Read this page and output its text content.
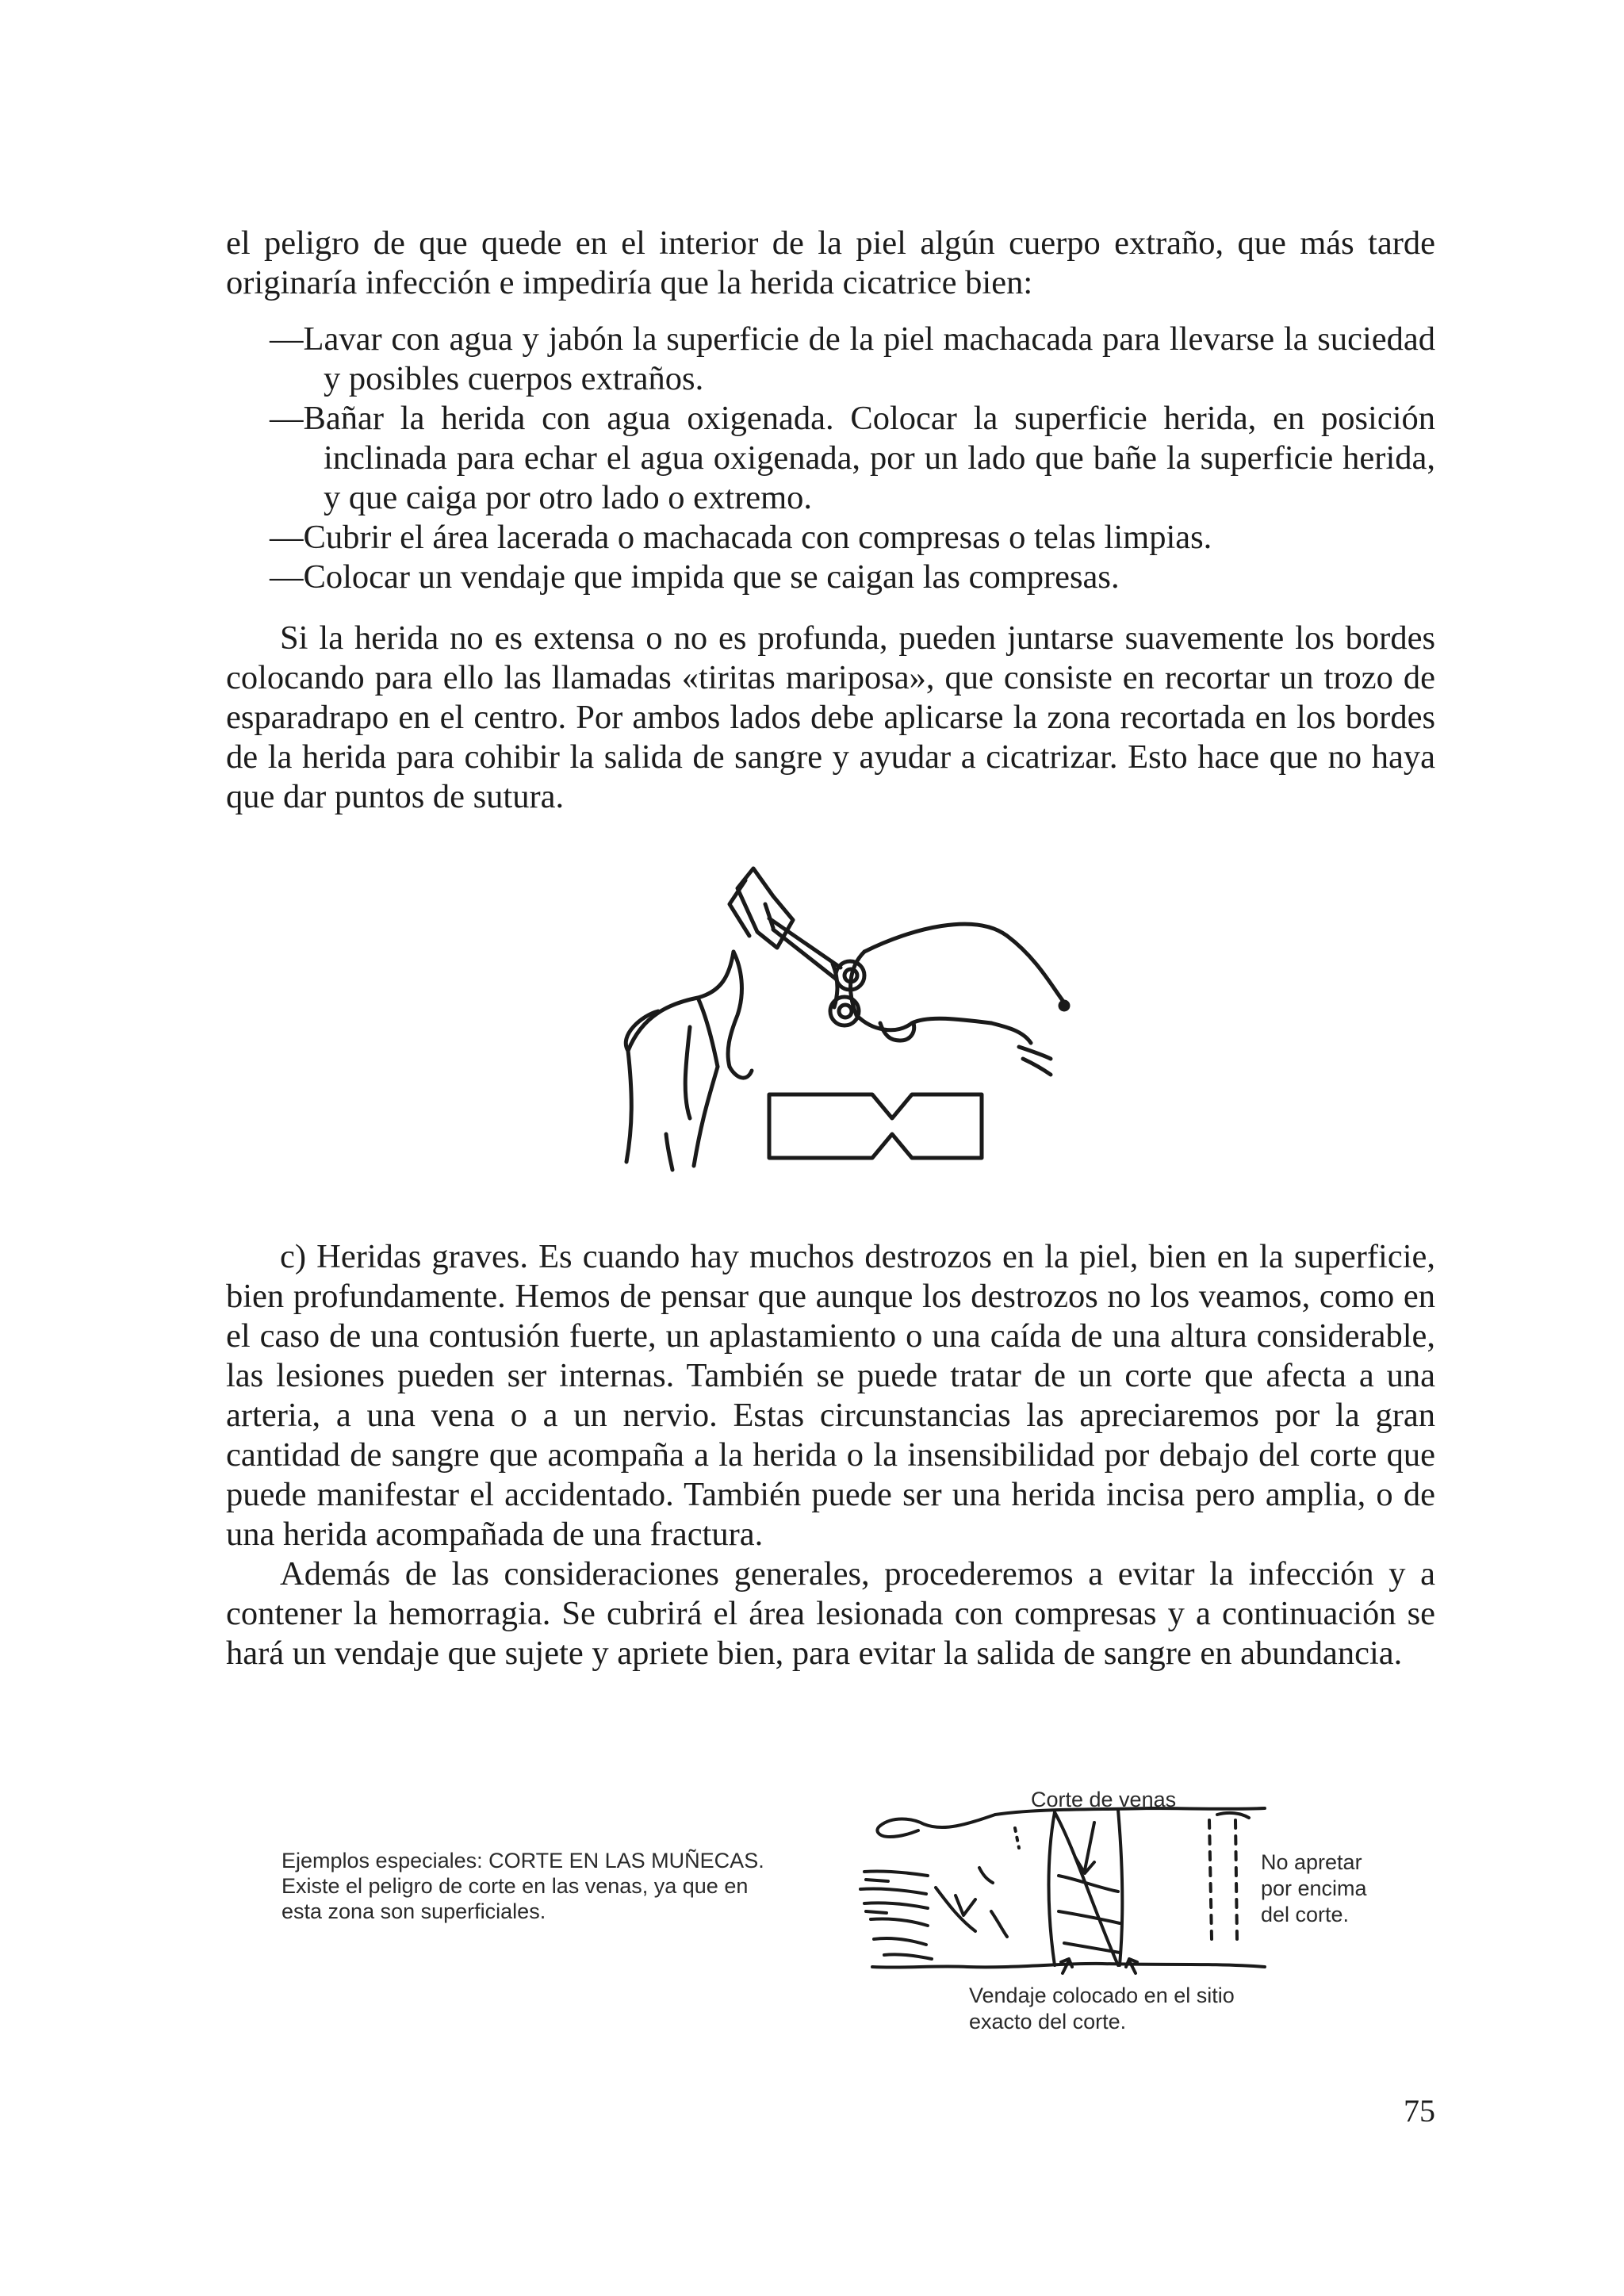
el peligro de que quede en el interior de la piel algún cuerpo extraño, que más tarde originaría infección e impediría que la herida cicatrice bien:

—Lavar con agua y jabón la superficie de la piel machacada para llevarse la suciedad y posibles cuerpos extraños.
—Bañar la herida con agua oxigenada. Colocar la superficie herida, en posición inclinada para echar el agua oxigenada, por un lado que bañe la superficie herida, y que caiga por otro lado o extremo.
—Cubrir el área lacerada o machacada con compresas o telas limpias.
—Colocar un vendaje que impida que se caigan las compresas.

Si la herida no es extensa o no es profunda, pueden juntarse suavemente los bordes colocando para ello las llamadas «tiritas mariposa», que consiste en recortar un trozo de esparadrapo en el centro. Por ambos lados debe aplicarse la zona recortada en los bordes de la herida para cohibir la salida de sangre y ayudar a cicatrizar. Esto hace que no haya que dar puntos de sutura.

c) Heridas graves. Es cuando hay muchos destrozos en la piel, bien en la superficie, bien profundamente. Hemos de pensar que aunque los destrozos no los veamos, como en el caso de una contusión fuerte, un aplastamiento o una caída de una altura considerable, las lesiones pueden ser internas. También se puede tratar de un corte que afecta a una arteria, a una vena o a un nervio. Estas circunstancias las apreciaremos por la gran cantidad de sangre que acompaña a la herida o la insensibilidad por debajo del corte que puede manifestar el accidentado. También puede ser una herida incisa pero amplia, o de una herida acompañada de una fractura.

Además de las consideraciones generales, procederemos a evitar la infección y a contener la hemorragia. Se cubrirá el área lesionada con compresas y a continuación se hará un vendaje que sujete y apriete bien, para evitar la salida de sangre en abundancia.

Ejemplos especiales: CORTE EN LAS MUÑECAS.
Existe el peligro de corte en las venas, ya que en
esta zona son superficiales.
Corte de venas
No apretar
por encima
del corte.
Vendaje colocado en el sitio
exacto del corte.
75
